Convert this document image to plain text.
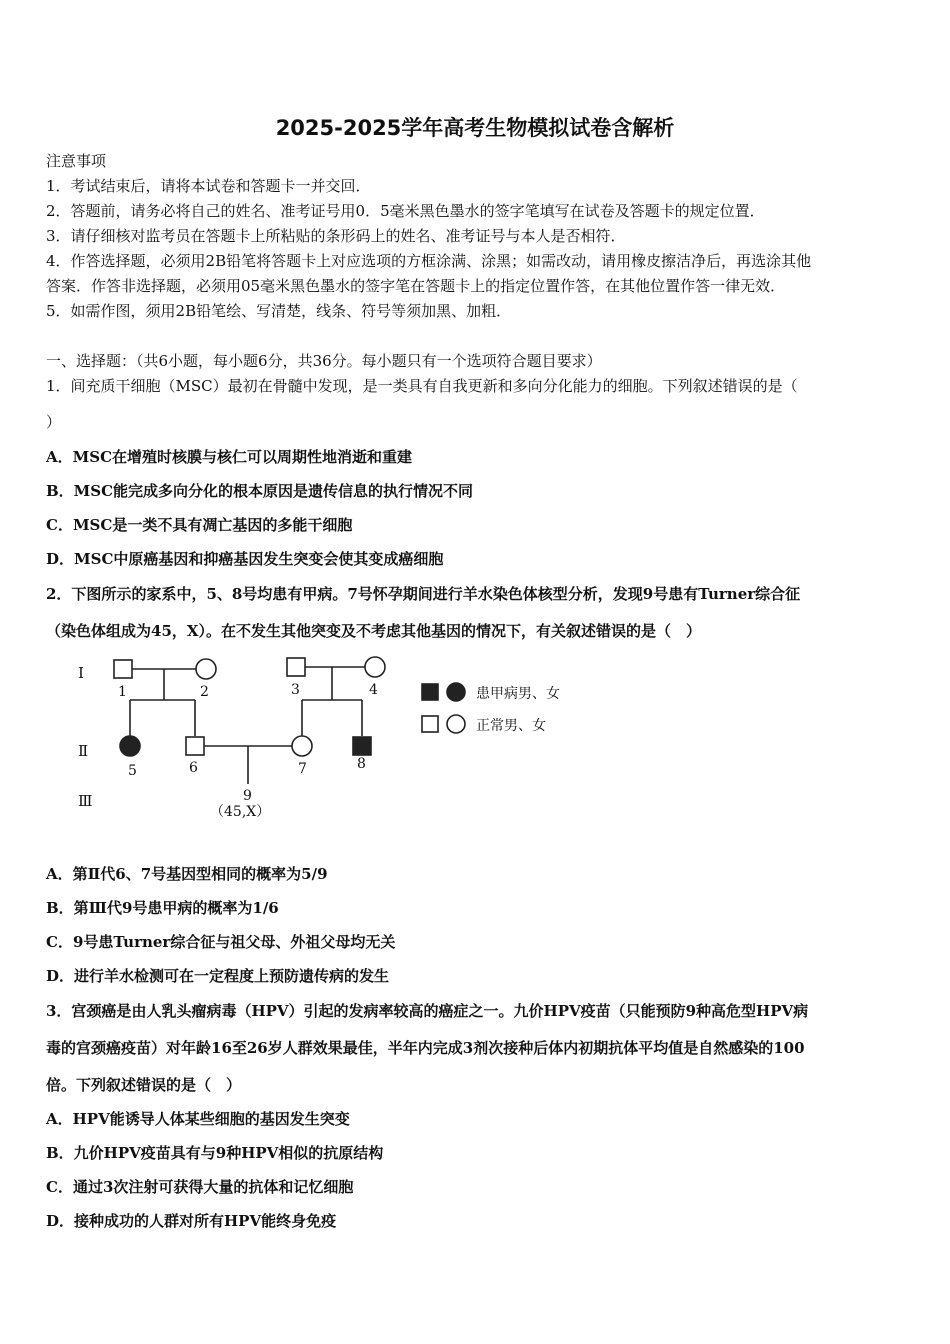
2025-2025学年高考生物模拟试卷含解析
注意事项
1．考试结束后，请将本试卷和答题卡一并交回．
2．答题前，请务必将自己的姓名、准考证号用0．5毫米黑色墨水的签字笔填写在试卷及答题卡的规定位置．
3．请仔细核对监考员在答题卡上所粘贴的条形码上的姓名、准考证号与本人是否相符．
4．作答选择题，必须用2B铅笔将答题卡上对应选项的方框涂满、涂黑；如需改动，请用橡皮擦洁净后，再选涂其他
答案．作答非选择题，必须用05毫米黑色墨水的签字笔在答题卡上的指定位置作答，在其他位置作答一律无效．
5．如需作图，须用2B铅笔绘、写清楚，线条、符号等须加黑、加粗．
一、选择题：（共6小题，每小题6分，共36分。每小题只有一个选项符合题目要求）
1．间充质干细胞（MSC）最初在骨髓中发现，是一类具有自我更新和多向分化能力的细胞。下列叙述错误的是（
）
A．MSC在增殖时核膜与核仁可以周期性地消逝和重建
B．MSC能完成多向分化的根本原因是遗传信息的执行情况不同
C．MSC是一类不具有凋亡基因的多能干细胞
D．MSC中原癌基因和抑癌基因发生突变会使其变成癌细胞
2．下图所示的家系中，5、8号均患有甲病。7号怀孕期间进行羊水染色体核型分析，发现9号患有Turner综合征
（染色体组成为45，X）。在不发生其他突变及不考虑其他基因的情况下，有关叙述错误的是（　）
Ⅰ
Ⅱ
Ⅲ
1	2	3	4
5	6	7	8
9
（45,X）
患甲病男、女
正常男、女
A．第Ⅱ代6、7号基因型相同的概率为5/9
B．第Ⅲ代9号患甲病的概率为1/6
C．9号患Turner综合征与祖父母、外祖父母均无关
D．进行羊水检测可在一定程度上预防遗传病的发生
3．宫颈癌是由人乳头瘤病毒（HPV）引起的发病率较高的癌症之一。九价HPV疫苗（只能预防9种高危型HPV病
毒的宫颈癌疫苗）对年龄16至26岁人群效果最佳，半年内完成3剂次接种后体内初期抗体平均值是自然感染的100
倍。下列叙述错误的是（　）
A．HPV能诱导人体某些细胞的基因发生突变
B．九价HPV疫苗具有与9种HPV相似的抗原结构
C．通过3次注射可获得大量的抗体和记忆细胞
D．接种成功的人群对所有HPV能终身免疫
